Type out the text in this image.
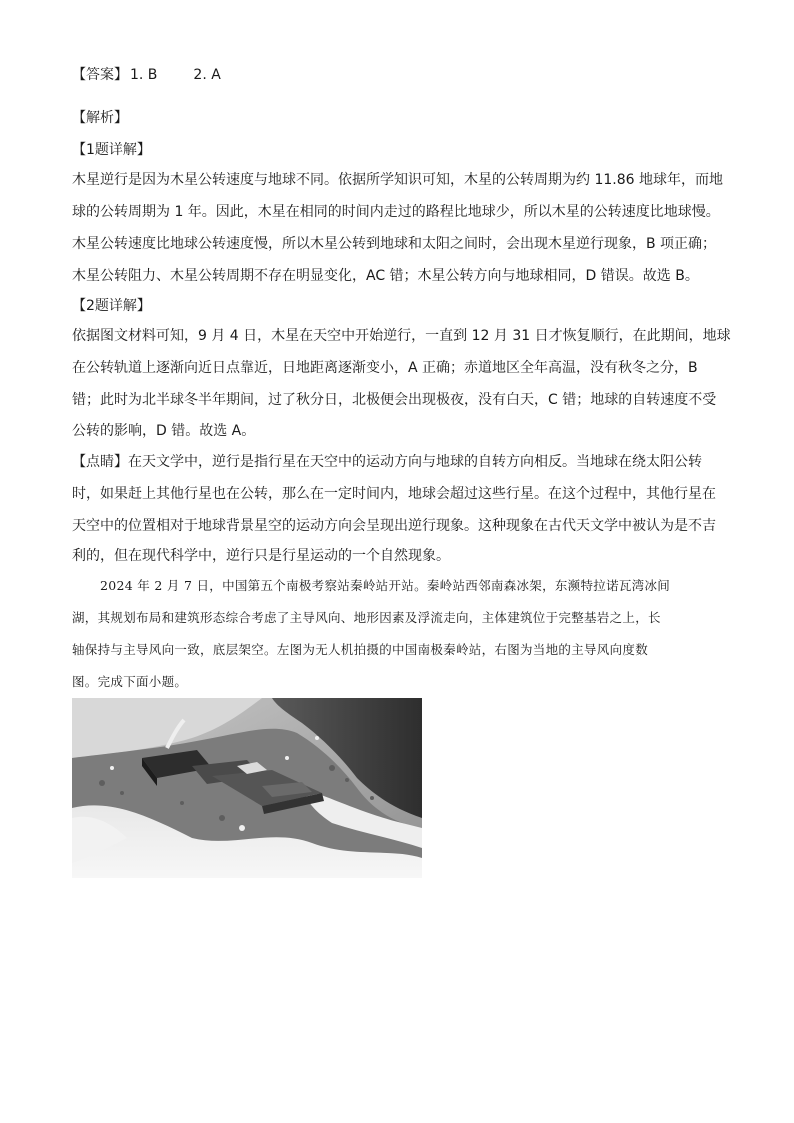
【答案】 1. B	2. A
【解析】
【1题详解】
木星逆行是因为木星公转速度与地球不同。依据所学知识可知，木星的公转周期为约 11.86 地球年，而地
球的公转周期为 1 年。因此，木星在相同的时间内走过的路程比地球少，所以木星的公转速度比地球慢。
木星公转速度比地球公转速度慢，所以木星公转到地球和太阳之间时，会出现木星逆行现象，B 项正确；
木星公转阻力、木星公转周期不存在明显变化，AC 错；木星公转方向与地球相同，D 错误。故选 B。
【2题详解】
依据图文材料可知，9 月 4 日，木星在天空中开始逆行，一直到 12 月 31 日才恢复顺行，在此期间，地球
在公转轨道上逐渐向近日点靠近，日地距离逐渐变小，A 正确；赤道地区全年高温，没有秋冬之分，B
错；此时为北半球冬半年期间，过了秋分日，北极便会出现极夜，没有白天，C 错；地球的自转速度不受
公转的影响，D 错。故选 A。
【点睛】在天文学中，逆行是指行星在天空中的运动方向与地球的自转方向相反。当地球在绕太阳公转
时，如果赶上其他行星也在公转，那么在一定时间内，地球会超过这些行星。在这个过程中，其他行星在
天空中的位置相对于地球背景星空的运动方向会呈现出逆行现象。这种现象在古代天文学中被认为是不吉
利的，但在现代科学中，逆行只是行星运动的一个自然现象。
2024 年 2 月 7 日，中国第五个南极考察站秦岭站开站。秦岭站西邻南森冰架，东濒特拉诺瓦湾冰间
湖，其规划布局和建筑形态综合考虑了主导风向、地形因素及浮流走向，主体建筑位于完整基岩之上，长
轴保持与主导风向一致，底层架空。左图为无人机拍摄的中国南极秦岭站，右图为当地的主导风向度数
图。完成下面小题。
